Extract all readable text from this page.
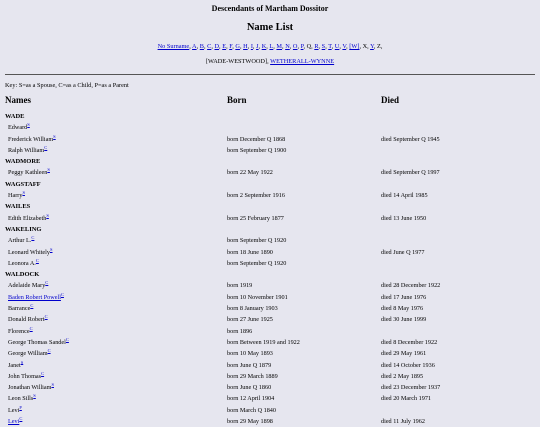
Descendants of Martham Dossitor
Name List
No Surname, A, B, C, D, E, F, G, H, I, J, K, L, M, N, O, P, Q, R, S, T, U, V, [W], X, Y, Z,
[WADE-WESTWOOD], WETHERALL-WYNNE
Key: S=as a Spouse, C=as a Child, P=as a Parent
Names	Born	Died
WADE
Edward$^S$
Frederick William$^S$	born December Q 1868	died September Q 1945
Ralph William$^C$	born September Q 1900
WADMORE
Peggy Kathleen$^S$	born 22 May 1922	died September Q 1997
WAGSTAFF
Harry$^S$	born 2 September 1916	died 14 April 1985
WAILES
Edith Elizabeth$^S$	born 25 February 1877	died 13 June 1950
WAKELING
Arthur L.$^C$	born September Q 1920
Leonard Whitely$^S$	born 18 June 1890	died June Q 1977
Leonora A.$^C$	born September Q 1920
WALDOCK
Adelaide Mary$^C$	born 1919	died 28 December 1922
Baden Robert Powell$^C$	born 10 November 1901	died 17 June 1976
Barrance$^C$	born 8 January 1903	died 8 May 1976
Donald Robert$^C$	born 27 June 1925	died 30 June 1999
Florence$^C$	born 1896
George Thomas Sandel$^C$	born Between 1919 and 1922	died 8 December 1922
George William$^C$	born 10 May 1893	died 29 May 1961
Janet$^S$	born June Q 1879	died 14 October 1936
John Thomas$^C$	born 29 March 1889	died 2 May 1895
Jonathan William$^S$	born June Q 1860	died 23 December 1937
Leon Sills$^S$	born 12 April 1904	died 20 March 1971
Levi$^P$	born March Q 1840
Levi$^C$	born 29 May 1898	died 11 July 1962
